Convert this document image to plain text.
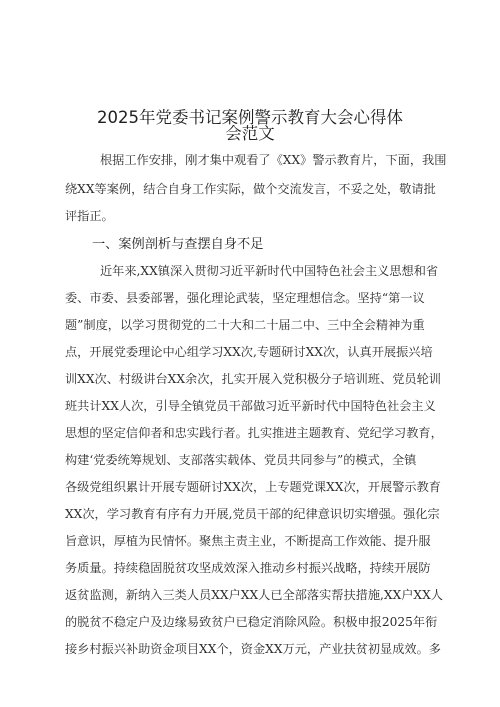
2025年党委书记案例警示教育大会心得体
会范文
根据工作安排，刚才集中观看了《XX》警示教育片，下面，我围
绕XX等案例，结合自身工作实际，做个交流发言，不妥之处，敬请批
评指正。
一、案例剖析与查摆自身不足
近年来,XX镇深入贯彻习近平新时代中国特色社会主义思想和省
委、市委、县委部署，强化理论武装，坚定理想信念。坚持“第一议
题”制度，以学习贯彻党的二十大和二十届二中、三中全会精神为重
点，开展党委理论中心组学习XX次,专题研讨XX次，认真开展振兴培
训XX次、村级讲台XX余次，扎实开展入党积极分子培训班、党员轮训
班共计XX人次，引导全镇党员干部做习近平新时代中国特色社会主义
思想的坚定信仰者和忠实践行者。扎实推进主题教育、党纪学习教育，
构建‘党委统筹规划、支部落实载体、党员共同参与”的模式，全镇
各级党组织累计开展专题研讨XX次，上专题党课XX次，开展警示教育
XX次，学习教育有序有力开展,党员干部的纪律意识切实增强。强化宗
旨意识，厚植为民情怀。聚焦主责主业，不断提高工作效能、提升服
务质量。持续稳固脱贫攻坚成效深入推动乡村振兴战略，持续开展防
返贫监测，新纳入三类人员XX户XX人已全部落实帮扶措施,XX户XX人
的脱贫不稳定户及边缘易致贫户已稳定消除风险。积极申报2025年衔
接乡村振兴补助资金项目XX个，资金XX万元，产业扶贫初显成效。多
